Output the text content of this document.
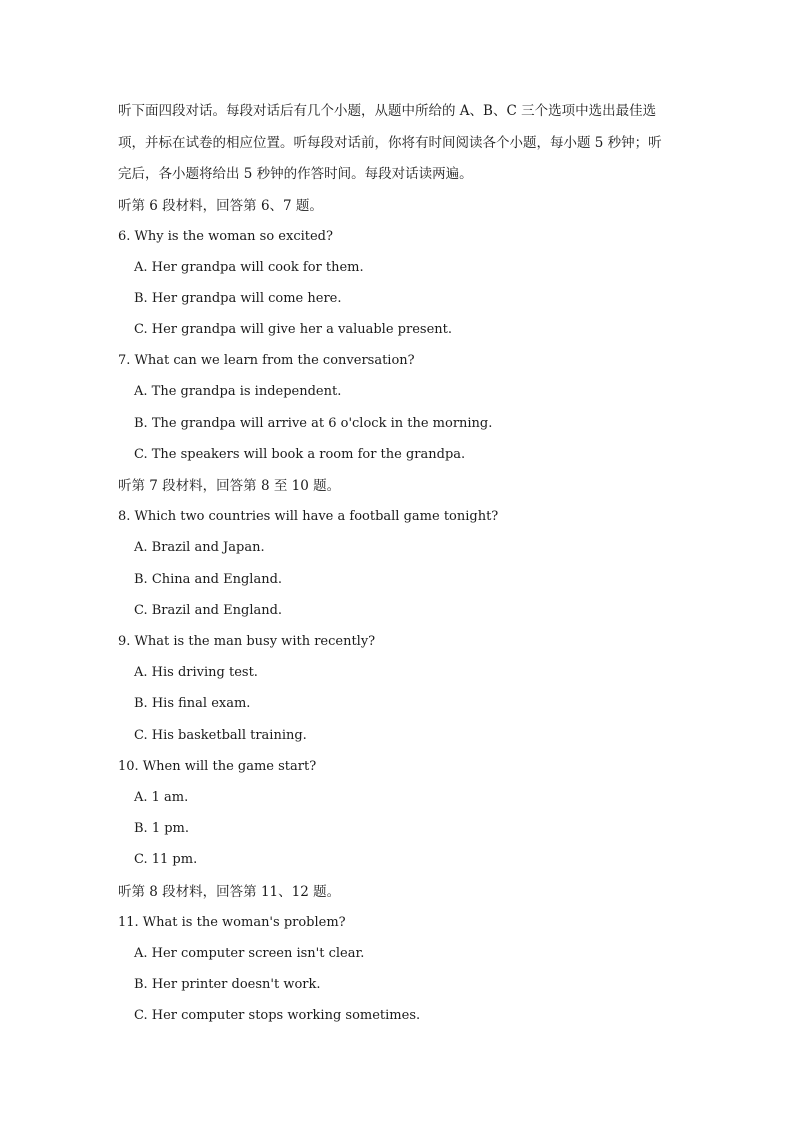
听下面四段对话。每段对话后有几个小题，从题中所给的 A、B、C 三个选项中选出最佳选
项，并标在试卷的相应位置。听每段对话前，你将有时间阅读各个小题，每小题 5 秒钟；听
完后，各小题将给出 5 秒钟的作答时间。每段对话读两遍。
听第 6 段材料，回答第 6、7 题。
6. Why is the woman so excited?
A. Her grandpa will cook for them.
B. Her grandpa will come here.
C. Her grandpa will give her a valuable present.
7. What can we learn from the conversation?
A. The grandpa is independent.
B. The grandpa will arrive at 6 o'clock in the morning.
C. The speakers will book a room for the grandpa.
听第 7 段材料，回答第 8 至 10 题。
8. Which two countries will have a football game tonight?
A. Brazil and Japan.
B. China and England.
C. Brazil and England.
9. What is the man busy with recently?
A. His driving test.
B. His final exam.
C. His basketball training.
10. When will the game start?
A. 1 am.
B. 1 pm.
C. 11 pm.
听第 8 段材料，回答第 11、12 题。
11. What is the woman's problem?
A. Her computer screen isn't clear.
B. Her printer doesn't work.
C. Her computer stops working sometimes.
